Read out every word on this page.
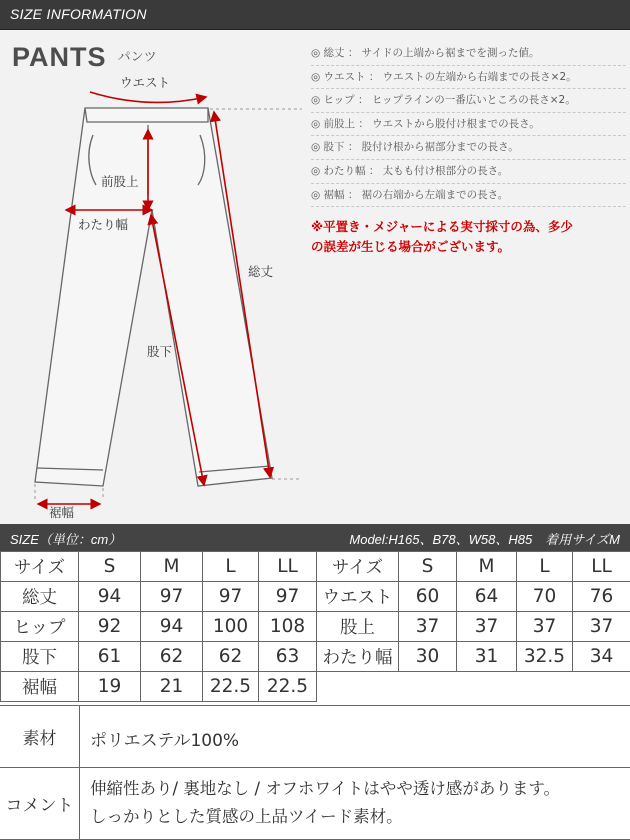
SIZE INFORMATION
ウエスト
前股上
わたり幅
総丈
股下
裾幅
PANTS パンツ	◎ 総丈 ： サイドの上端から裾までを測った値。
◎ ウエスト ： ウエストの左端から右端までの長さ×2。
◎ ヒップ ： ヒップラインの一番広いところの長さ×2。
◎ 前股上 ： ウエストから股付け根までの長さ。
◎ 股下 ： 股付け根から裾部分までの長さ。
◎ わたり幅 ： 太もも付け根部分の長さ。
◎ 裾幅 ： 裾の右端から左端までの長さ。
※平置き・メジャーによる実寸採寸の為、多少
の誤差が生じる場合がございます。
SIZE（単位：cm）	Model:H165、B78、W58、H85　着用サイズM
サイズ	S	M	L	LL	サイズ	S	M	L	LL
総丈	94	97	97	97	ウエスト	60	64	70	76
ヒップ	92	94	100	108	股上	37	37	37	37
股下	61	62	62	63	わたり幅	30	31	32.5	34
裾幅	19	21	22.5	22.5					
素材	ポリエステル100%
コメント
伸縮性あり/ 裏地なし / オフホワイトはやや透け感があります。
しっかりとした質感の上品ツイード素材。
